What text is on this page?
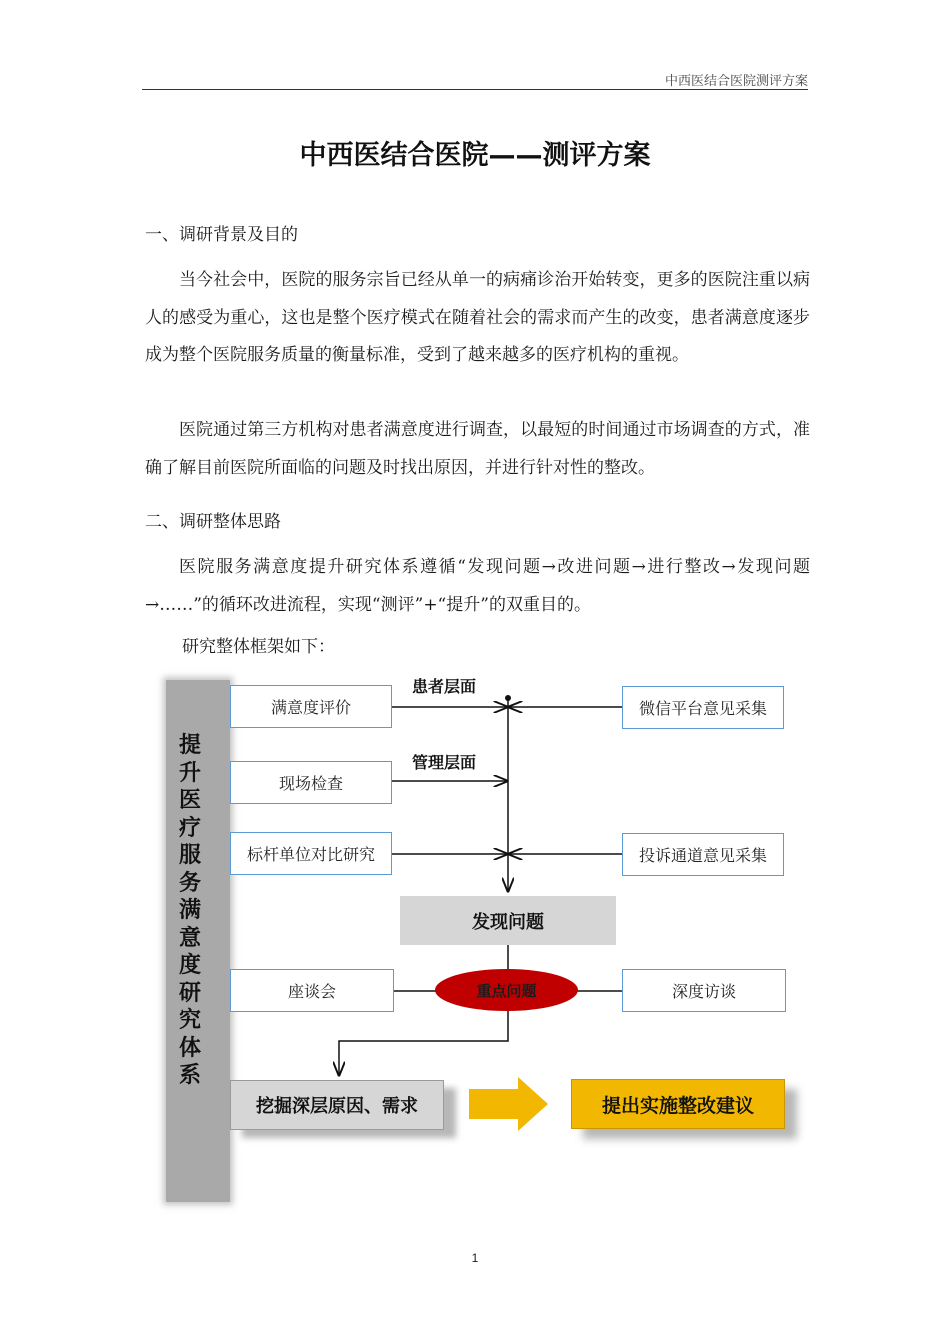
中西医结合医院测评方案
中西医结合医院——测评方案
一、调研背景及目的
当今社会中，医院的服务宗旨已经从单一的病痛诊治开始转变，更多的医院注重以病人的感受为重心，这也是整个医疗模式在随着社会的需求而产生的改变，患者满意度逐步成为整个医院服务质量的衡量标准，受到了越来越多的医疗机构的重视。
医院通过第三方机构对患者满意度进行调查，以最短的时间通过市场调查的方式，准确了解目前医院所面临的问题及时找出原因，并进行针对性的整改。
二、调研整体思路
医院服务满意度提升研究体系遵循“发现问题→改进问题→进行整改→发现问题→……”的循环改进流程，实现“测评”+“提升”的双重目的。
研究整体框架如下：
提
升
医
疗
服
务
满
意
度
研
究
体
系
满意度评价
现场检查
标杆单位对比研究
微信平台意见采集
投诉通道意见采集
患者层面
管理层面
发现问题
座谈会	重点问题	深度访谈
挖掘深层原因、需求	提出实施整改建议
1
